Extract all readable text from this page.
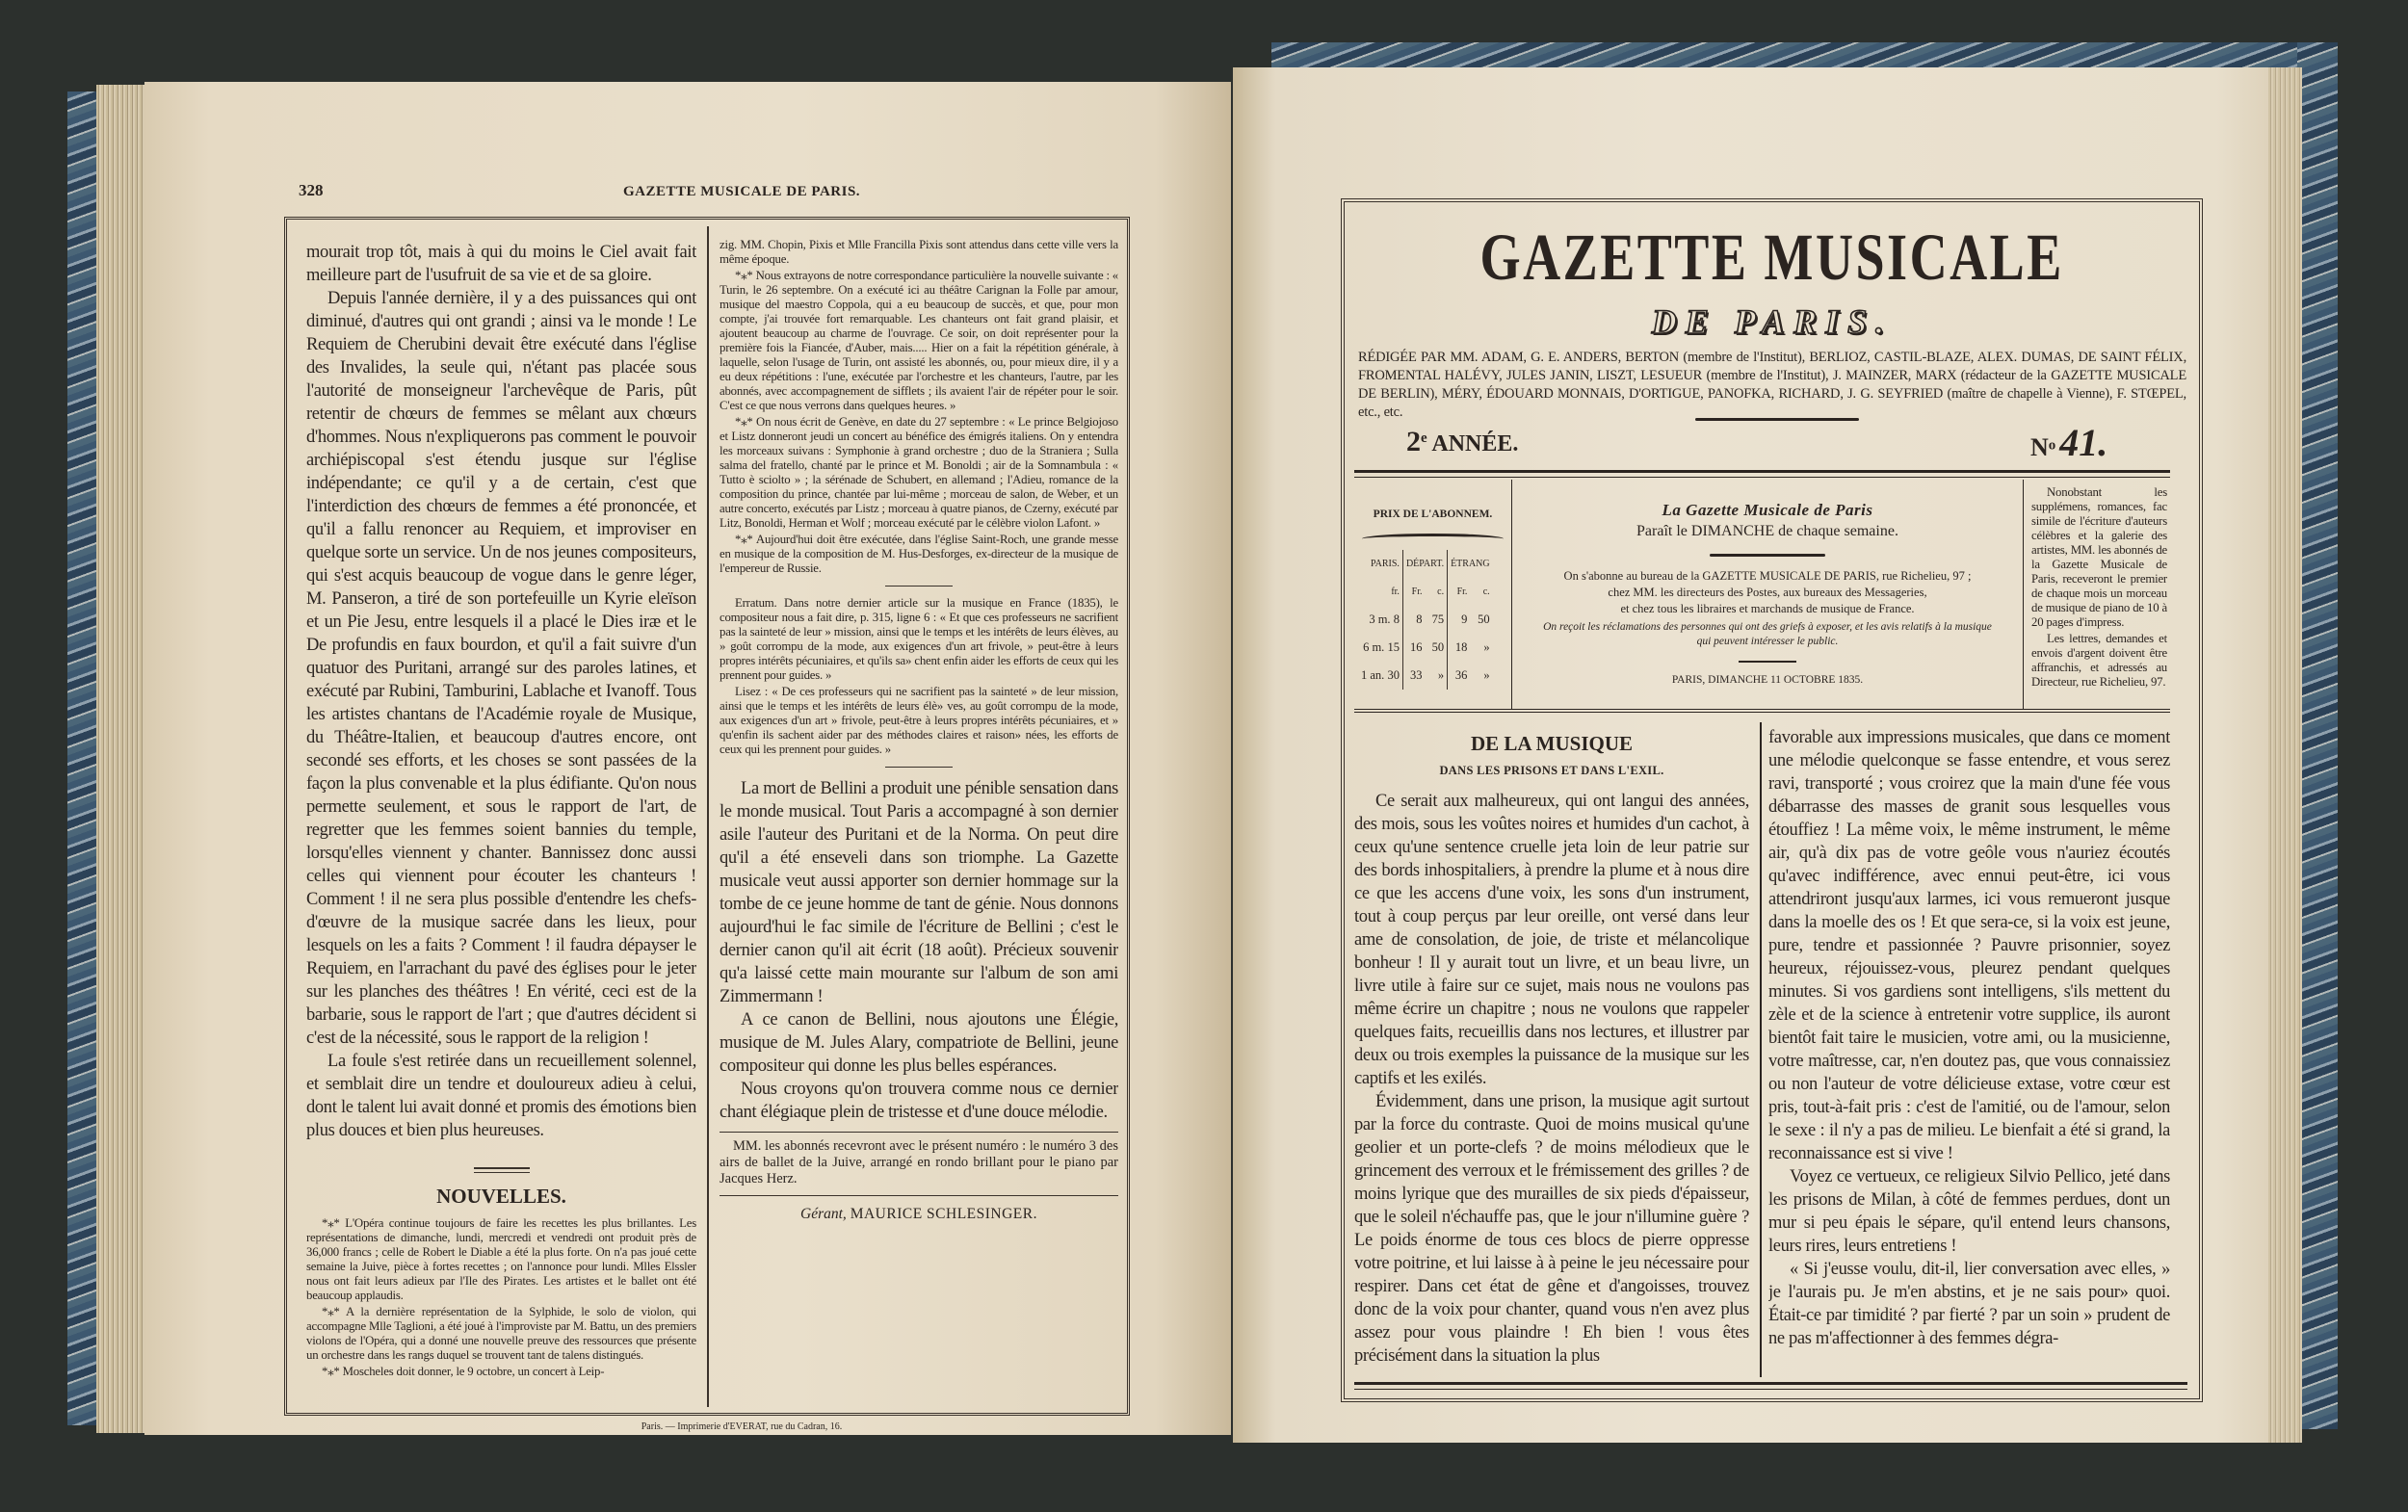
328	GAZETTE MUSICALE DE PARIS.

mourait trop tôt, mais à qui du moins le Ciel avait fait meilleure part de l'usufruit de sa vie et de sa gloire.

Depuis l'année dernière, il y a des puissances qui ont diminué, d'autres qui ont grandi ; ainsi va le monde ! Le Requiem de Cherubini devait être exécuté dans l'église des Invalides, la seule qui, n'étant pas placée sous l'autorité de monseigneur l'archevêque de Paris, pût retentir de chœurs de femmes se mêlant aux chœurs d'hommes. Nous n'expliquerons pas comment le pouvoir archiépiscopal s'est étendu jusque sur l'église indépendante; ce qu'il y a de certain, c'est que l'interdiction des chœurs de femmes a été prononcée, et qu'il a fallu renoncer au Requiem, et improviser en quelque sorte un service. Un de nos jeunes compositeurs, qui s'est acquis beaucoup de vogue dans le genre léger, M. Panseron, a tiré de son portefeuille un Kyrie eleïson et un Pie Jesu, entre lesquels il a placé le Dies iræ et le De profundis en faux bourdon, et qu'il a fait suivre d'un quatuor des Puritani, arrangé sur des paroles latines, et exécuté par Rubini, Tamburini, Lablache et Ivanoff. Tous les artistes chantans de l'Académie royale de Musique, du Théâtre-Italien, et beaucoup d'autres encore, ont secondé ses efforts, et les choses se sont passées de la façon la plus convenable et la plus édifiante. Qu'on nous permette seulement, et sous le rapport de l'art, de regretter que les femmes soient bannies du temple, lorsqu'elles viennent y chanter. Bannissez donc aussi celles qui viennent pour écouter les chanteurs ! Comment ! il ne sera plus possible d'entendre les chefs-d'œuvre de la musique sacrée dans les lieux, pour lesquels on les a faits ? Comment ! il faudra dépayser le Requiem, en l'arrachant du pavé des églises pour le jeter sur les planches des théâtres ! En vérité, ceci est de la barbarie, sous le rapport de l'art ; que d'autres décident si c'est de la nécessité, sous le rapport de la religion !

La foule s'est retirée dans un recueillement solennel, et semblait dire un tendre et douloureux adieu à celui, dont le talent lui avait donné et promis des émotions bien plus douces et bien plus heureuses.

NOUVELLES.

*⁎* L'Opéra continue toujours de faire les recettes les plus brillantes. Les représentations de dimanche, lundi, mercredi et vendredi ont produit près de 36,000 francs ; celle de Robert le Diable a été la plus forte. On n'a pas joué cette semaine la Juive, pièce à fortes recettes ; on l'annonce pour lundi. Mlles Elssler nous ont fait leurs adieux par l'Ile des Pirates. Les artistes et le ballet ont été beaucoup applaudis.

*⁎* A la dernière représentation de la Sylphide, le solo de violon, qui accompagne Mlle Taglioni, a été joué à l'improviste par M. Battu, un des premiers violons de l'Opéra, qui a donné une nouvelle preuve des ressources que présente un orchestre dans les rangs duquel se trouvent tant de talens distingués.

*⁎* Moscheles doit donner, le 9 octobre, un concert à Leip-

zig. MM. Chopin, Pixis et Mlle Francilla Pixis sont attendus dans cette ville vers la même époque.

*⁎* Nous extrayons de notre correspondance particulière la nouvelle suivante : « Turin, le 26 septembre. On a exécuté ici au théâtre Carignan la Folle par amour, musique del maestro Coppola, qui a eu beaucoup de succès, et que, pour mon compte, j'ai trouvée fort remarquable. Les chanteurs ont fait grand plaisir, et ajoutent beaucoup au charme de l'ouvrage. Ce soir, on doit représenter pour la première fois la Fiancée, d'Auber, mais..... Hier on a fait la répétition générale, à laquelle, selon l'usage de Turin, ont assisté les abonnés, ou, pour mieux dire, il y a eu deux répétitions : l'une, exécutée par l'orchestre et les chanteurs, l'autre, par les abonnés, avec accompagnement de sifflets ; ils avaient l'air de répéter pour le soir. C'est ce que nous verrons dans quelques heures. »

*⁎* On nous écrit de Genève, en date du 27 septembre : « Le prince Belgiojoso et Listz donneront jeudi un concert au bénéfice des émigrés italiens. On y entendra les morceaux suivans : Symphonie à grand orchestre ; duo de la Straniera ; Sulla salma del fratello, chanté par le prince et M. Bonoldi ; air de la Somnambula : « Tutto è sciolto » ; la sérénade de Schubert, en allemand ; l'Adieu, romance de la composition du prince, chantée par lui-même ; morceau de salon, de Weber, et un autre concerto, exécutés par Listz ; morceau à quatre pianos, de Czerny, exécuté par Litz, Bonoldi, Herman et Wolf ; morceau exécuté par le célèbre violon Lafont. »

*⁎* Aujourd'hui doit être exécutée, dans l'église Saint-Roch, une grande messe en musique de la composition de M. Hus-Desforges, ex-directeur de la musique de l'empereur de Russie.

Erratum. Dans notre dernier article sur la musique en France (1835), le compositeur nous a fait dire, p. 315, ligne 6 : « Et que ces professeurs ne sacrifient pas la sainteté de leur » mission, ainsi que le temps et les intérêts de leurs élèves, au » goût corrompu de la mode, aux exigences d'un art frivole, » peut-être à leurs propres intérêts pécuniaires, et qu'ils sa» chent enfin aider les efforts de ceux qui les prennent pour guides. »

Lisez : « De ces professeurs qui ne sacrifient pas la sainteté » de leur mission, ainsi que le temps et les intérêts de leurs élè» ves, au goût corrompu de la mode, aux exigences d'un art » frivole, peut-être à leurs propres intérêts pécuniaires, et » qu'enfin ils sachent aider par des méthodes claires et raison» nées, les efforts de ceux qui les prennent pour guides. »

La mort de Bellini a produit une pénible sensation dans le monde musical. Tout Paris a accompagné à son dernier asile l'auteur des Puritani et de la Norma. On peut dire qu'il a été enseveli dans son triomphe. La Gazette musicale veut aussi apporter son dernier hommage sur la tombe de ce jeune homme de tant de génie. Nous donnons aujourd'hui le fac simile de l'écriture de Bellini ; c'est le dernier canon qu'il ait écrit (18 août). Précieux souvenir qu'a laissé cette main mourante sur l'album de son ami Zimmermann !

A ce canon de Bellini, nous ajoutons une Élégie, musique de M. Jules Alary, compatriote de Bellini, jeune compositeur qui donne les plus belles espérances.

Nous croyons qu'on trouvera comme nous ce dernier chant élégiaque plein de tristesse et d'une douce mélodie.

MM. les abonnés recevront avec le présent numéro : le numéro 3 des airs de ballet de la Juive, arrangé en rondo brillant pour le piano par Jacques Herz.
Gérant, MAURICE SCHLESINGER.
Paris. — Imprimerie d'EVERAT, rue du Cadran, 16.
GAZETTE MUSICALE
DE PARIS.
RÉDIGÉE PAR MM. ADAM, G. E. ANDERS, BERTON (membre de l'Institut), BERLIOZ, CASTIL-BLAZE, ALEX. DUMAS, DE SAINT FÉLIX, FROMENTAL HALÉVY, JULES JANIN, LISZT, LESUEUR (membre de l'Institut), J. MAINZER, MARX (rédacteur de la GAZETTE MUSICALE DE BERLIN), MÉRY, ÉDOUARD MONNAIS, D'ORTIGUE, PANOFKA, RICHARD, J. G. SEYFRIED (maître de chapelle à Vienne), F. STŒPEL, etc., etc.
2e ANNÉE.	$N^o$ 41.
PRIX DE L'ABONNEM.
PARIS.	DÉPART.		ÉTRANG	
fr.	Fr.	c.	Fr.	c.
3 m. 8	8	75	9	50
6 m. 15	16	50	18	»
1 an. 30	33	»	36	»
La Gazette Musicale de Paris
Paraît le DIMANCHE de chaque semaine.
On s'abonne au bureau de la GAZETTE MUSICALE DE PARIS, rue Richelieu, 97 ;
chez MM. les directeurs des Postes, aux bureaux des Messageries,
et chez tous les libraires et marchands de musique de France.
On reçoit les réclamations des personnes qui ont des griefs à exposer, et les avis relatifs à la musique qui peuvent intéresser le public.
PARIS, DIMANCHE 11 OCTOBRE 1835.

Nonobstant les supplémens, romances, fac simile de l'écriture d'auteurs célèbres et la galerie des artistes, MM. les abonnés de la Gazette Musicale de Paris, receveront le premier de chaque mois un morceau de musique de piano de 10 à 20 pages d'impress.

Les lettres, demandes et envois d'argent doivent être affranchis, et adressés au Directeur, rue Richelieu, 97.

DE LA MUSIQUE
DANS LES PRISONS ET DANS L'EXIL.

Ce serait aux malheureux, qui ont langui des années, des mois, sous les voûtes noires et humides d'un cachot, à ceux qu'une sentence cruelle jeta loin de leur patrie sur des bords inhospitaliers, à prendre la plume et à nous dire ce que les accens d'une voix, les sons d'un instrument, tout à coup perçus par leur oreille, ont versé dans leur ame de consolation, de joie, de triste et mélancolique bonheur ! Il y aurait tout un livre, et un beau livre, un livre utile à faire sur ce sujet, mais nous ne voulons pas même écrire un chapitre ; nous ne voulons que rappeler quelques faits, recueillis dans nos lectures, et illustrer par deux ou trois exemples la puissance de la musique sur les captifs et les exilés.

Évidemment, dans une prison, la musique agit surtout par la force du contraste. Quoi de moins musical qu'une geolier et un porte-clefs ? de moins mélodieux que le grincement des verroux et le frémissement des grilles ? de moins lyrique que des murailles de six pieds d'épaisseur, que le soleil n'échauffe pas, que le jour n'illumine guère ? Le poids énorme de tous ces blocs de pierre oppresse votre poitrine, et lui laisse à à peine le jeu nécessaire pour respirer. Dans cet état de gêne et d'angoisses, trouvez donc de la voix pour chanter, quand vous n'en avez plus assez pour vous plaindre ! Eh bien ! vous êtes précisément dans la situation la plus

favorable aux impressions musicales, que dans ce moment une mélodie quelconque se fasse entendre, et vous serez ravi, transporté ; vous croirez que la main d'une fée vous débarrasse des masses de granit sous lesquelles vous étouffiez ! La même voix, le même instrument, le même air, qu'à dix pas de votre geôle vous n'auriez écoutés qu'avec indifférence, avec ennui peut-être, ici vous attendriront jusqu'aux larmes, ici vous remueront jusque dans la moelle des os ! Et que sera-ce, si la voix est jeune, pure, tendre et passionnée ? Pauvre prisonnier, soyez heureux, réjouissez-vous, pleurez pendant quelques minutes. Si vos gardiens sont intelligens, s'ils mettent du zèle et de la science à entretenir votre supplice, ils auront bientôt fait taire le musicien, votre ami, ou la musicienne, votre maîtresse, car, n'en doutez pas, que vous connaissiez ou non l'auteur de votre délicieuse extase, votre cœur est pris, tout-à-fait pris : c'est de l'amitié, ou de l'amour, selon le sexe : il n'y a pas de milieu. Le bienfait a été si grand, la reconnaissance est si vive !

Voyez ce vertueux, ce religieux Silvio Pellico, jeté dans les prisons de Milan, à côté de femmes perdues, dont un mur si peu épais le sépare, qu'il entend leurs chansons, leurs rires, leurs entretiens !

« Si j'eusse voulu, dit-il, lier conversation avec elles, » je l'aurais pu. Je m'en abstins, et je ne sais pour» quoi. Était-ce par timidité ? par fierté ? par un soin » prudent de ne pas m'affectionner à des femmes dégra-
